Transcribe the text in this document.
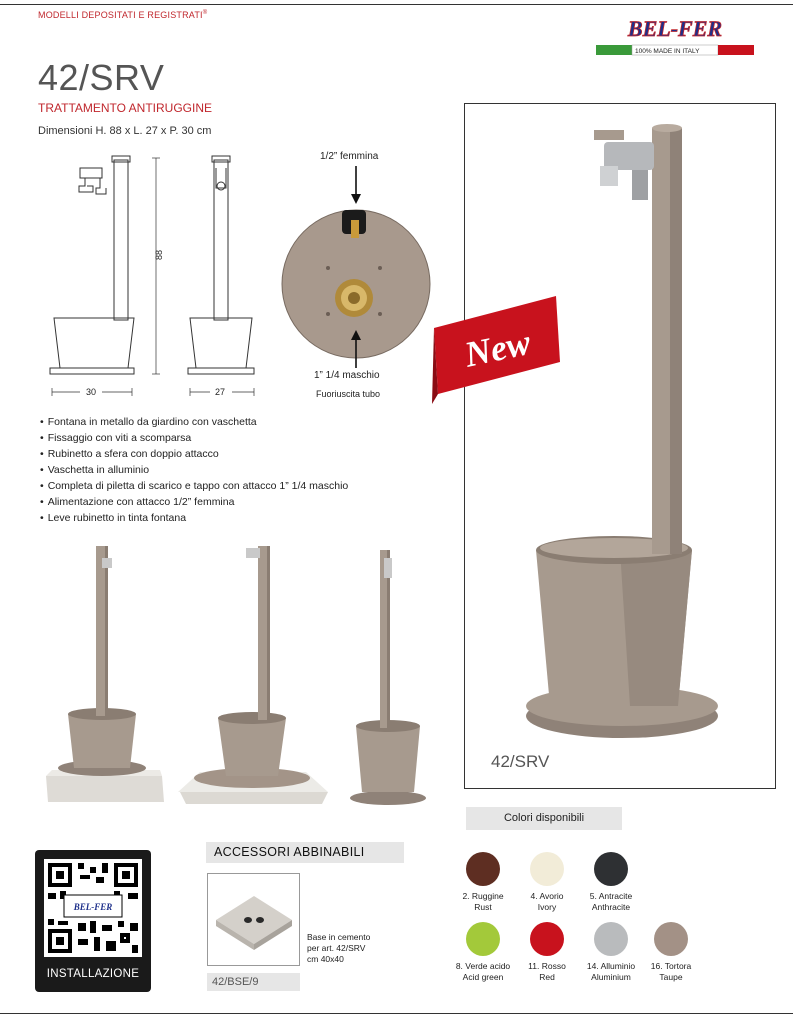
MODELLI DEPOSITATI E REGISTRATI®
BEL-FER
100% MADE IN ITALY
42/SRV
TRATTAMENTO ANTIRUGGINE
Dimensioni H. 88 x L. 27 x P. 30 cm
88
30	27
1/2” femmina
1” 1/4 maschio
Fuoriuscita tubo
• Fontana in metallo da giardino con vaschetta
• Fissaggio con viti a scomparsa
• Rubinetto a sfera con doppio attacco
• Vaschetta in alluminio
• Completa di piletta di scarico e tappo con attacco 1” 1/4 maschio
• Alimentazione con attacco 1/2” femmina
• Leve rubinetto in tinta fontana
42/SRV
New
Colori disponibili
2. Ruggine
Rust
4. Avorio
Ivory
5. Antracite
Anthracite
8. Verde acido
Acid green
11. Rosso
Red
14. Alluminio
Aluminium
16. Tortora
Taupe
ACCESSORI ABBINABILI
42/BSE/9
Base in cemento
per art. 42/SRV
cm 40x40
BEL-FER
INSTALLAZIONE
